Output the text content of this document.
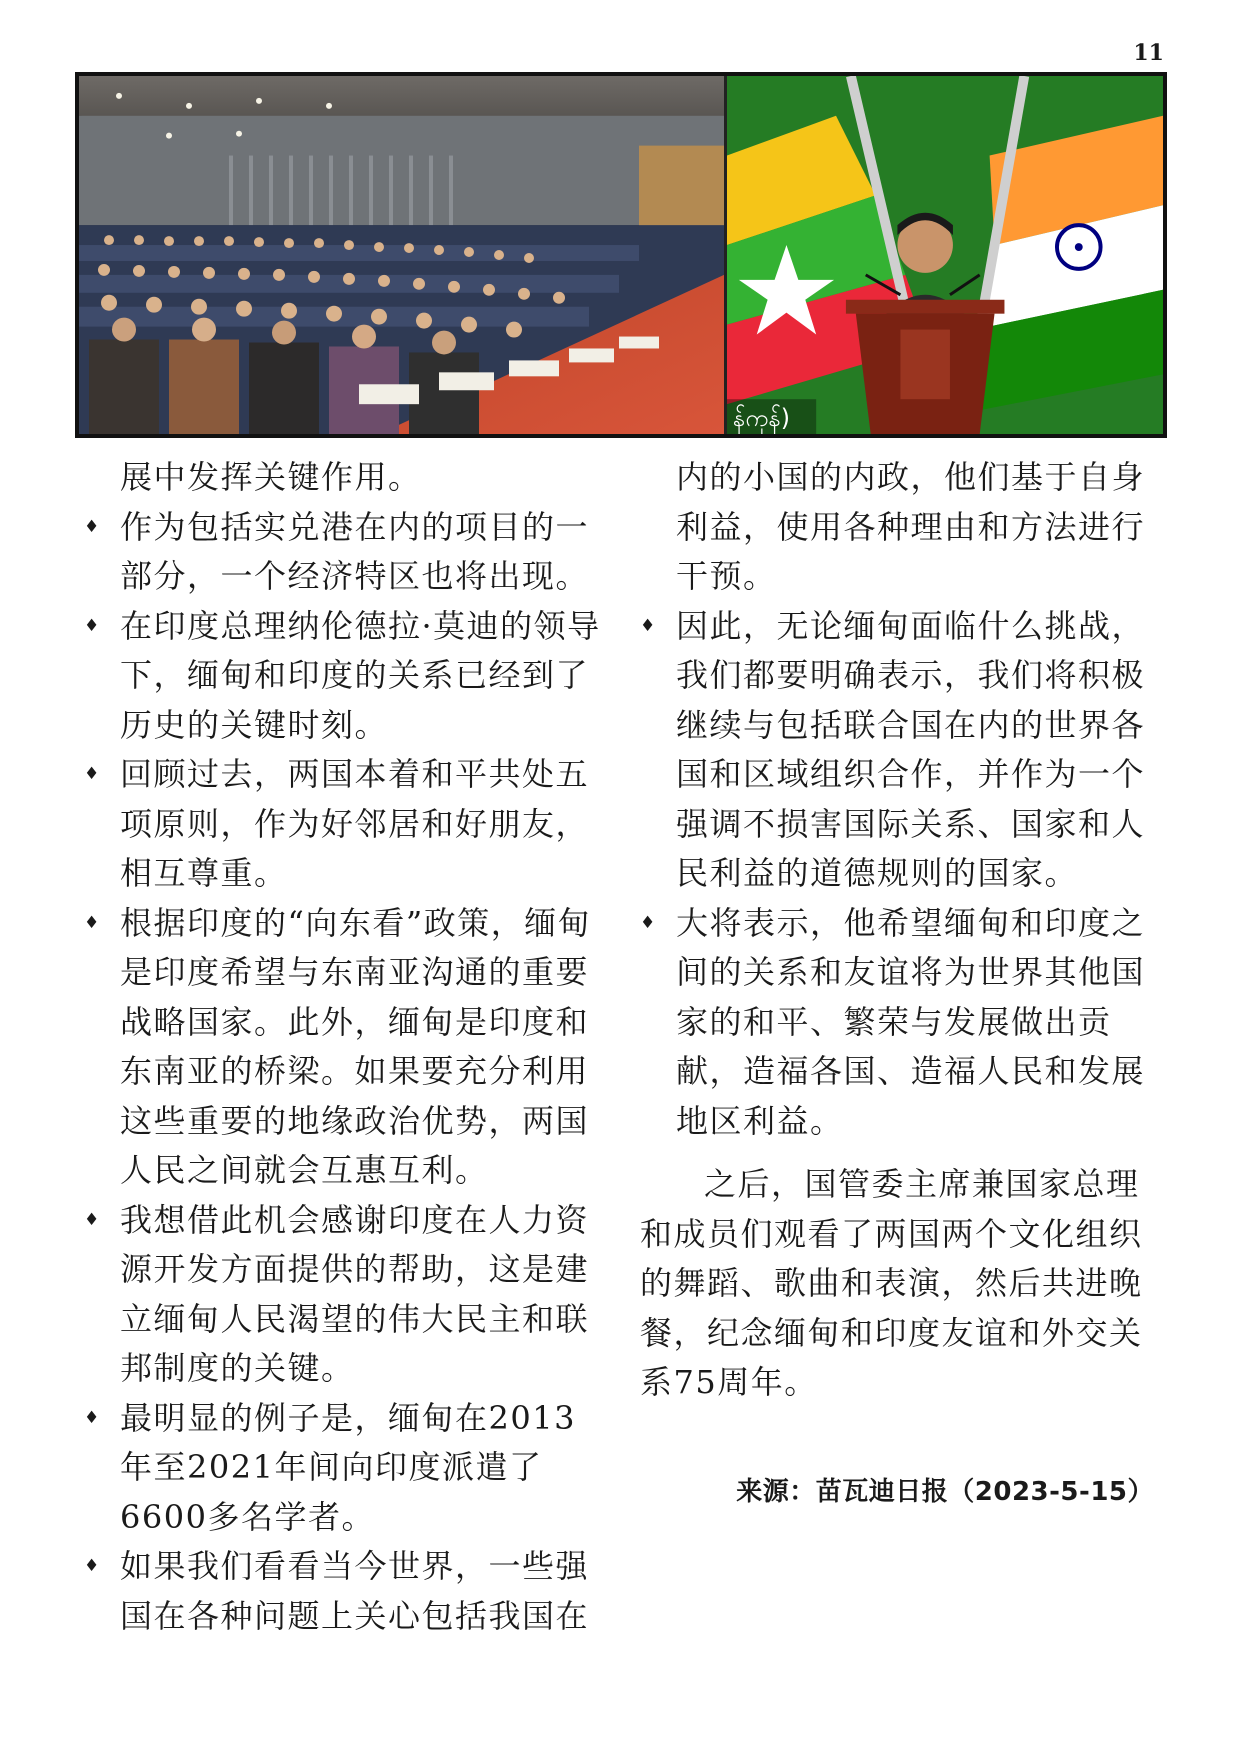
11
န်ကုန်)

展中发挥关键作用。

♦ 作为包括实兑港在内的项目的一部分，一个经济特区也将出现。

♦ 在印度总理纳伦德拉·莫迪的领导下，缅甸和印度的关系已经到了历史的关键时刻。

♦ 回顾过去，两国本着和平共处五项原则，作为好邻居和好朋友，相互尊重。

♦ 根据印度的“向东看”政策，缅甸是印度希望与东南亚沟通的重要战略国家。此外，缅甸是印度和东南亚的桥梁。如果要充分利用这些重要的地缘政治优势，两国人民之间就会互惠互利。

♦ 我想借此机会感谢印度在人力资源开发方面提供的帮助，这是建立缅甸人民渴望的伟大民主和联邦制度的关键。

♦ 最明显的例子是，缅甸在2013年至2021年间向印度派遣了6600多名学者。

♦ 如果我们看看当今世界，一些强国在各种问题上关心包括我国在

内的小国的内政，他们基于自身利益，使用各种理由和方法进行干预。

♦ 因此，无论缅甸面临什么挑战，我们都要明确表示，我们将积极继续与包括联合国在内的世界各国和区域组织合作，并作为一个强调不损害国际关系、国家和人民利益的道德规则的国家。

♦ 大将表示，他希望缅甸和印度之间的关系和友谊将为世界其他国家的和平、繁荣与发展做出贡献，造福各国、造福人民和发展地区利益。

之后，国管委主席兼国家总理和成员们观看了两国两个文化组织的舞蹈、歌曲和表演，然后共进晚餐，纪念缅甸和印度友谊和外交关系75周年。

来源：苗瓦迪日报（2023-5-15）
